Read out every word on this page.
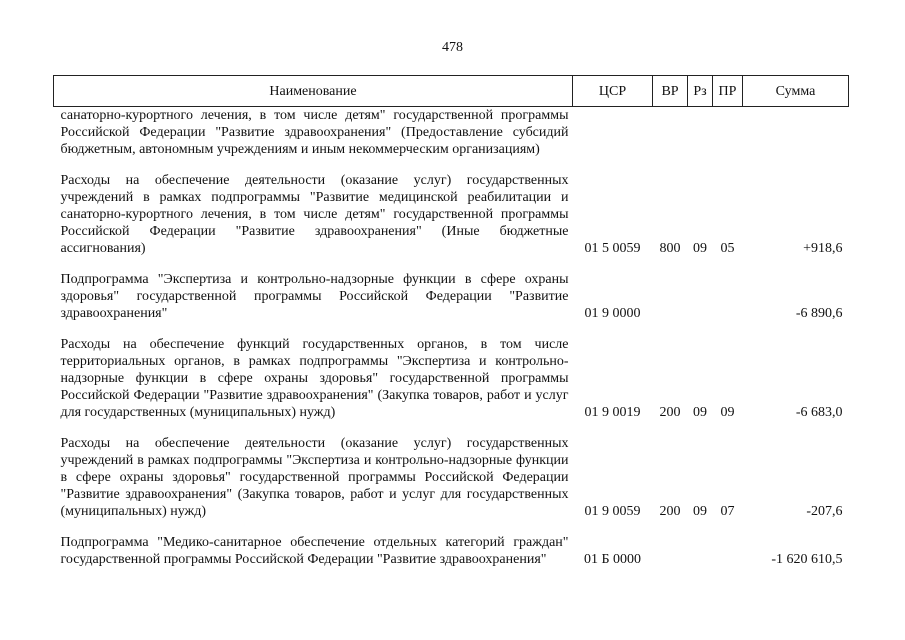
478
Наименование	ЦСР	ВР	Рз	ПР	Сумма
санаторно-курортного лечения, в том числе детям" государственной программы Российской Федерации "Развитие здравоохранения" (Предоставление субсидий бюджетным, автономным учреждениям и иным некоммерческим организациям)					
Расходы на обеспечение деятельности (оказание услуг) государственных учреждений в рамках подпрограммы "Развитие медицинской реабилитации и санаторно-курортного лечения, в том числе детям" государственной программы Российской Федерации "Развитие здравоохранения" (Иные бюджетные ассигнования)	01 5 0059	800	09	05	+918,6
Подпрограмма "Экспертиза и контрольно-надзорные функции в сфере охраны здоровья" государственной программы Российской Федерации "Развитие здравоохранения"	01 9 0000				-6 890,6
Расходы на обеспечение функций государственных органов, в том числе территориальных органов, в рамках подпрограммы "Экспертиза и контрольно-надзорные функции в сфере охраны здоровья" государственной программы Российской Федерации "Развитие здравоохранения" (Закупка товаров, работ и услуг для государственных (муниципальных) нужд)	01 9 0019	200	09	09	-6 683,0
Расходы на обеспечение деятельности (оказание услуг) государственных учреждений в рамках подпрограммы "Экспертиза и контрольно-надзорные функции в сфере охраны здоровья" государственной программы Российской Федерации "Развитие здравоохранения" (Закупка товаров, работ и услуг для государственных (муниципальных) нужд)	01 9 0059	200	09	07	-207,6
Подпрограмма "Медико-санитарное обеспечение отдельных категорий граждан" государственной программы Российской Федерации "Развитие здравоохранения"	01 Б 0000				-1 620 610,5
